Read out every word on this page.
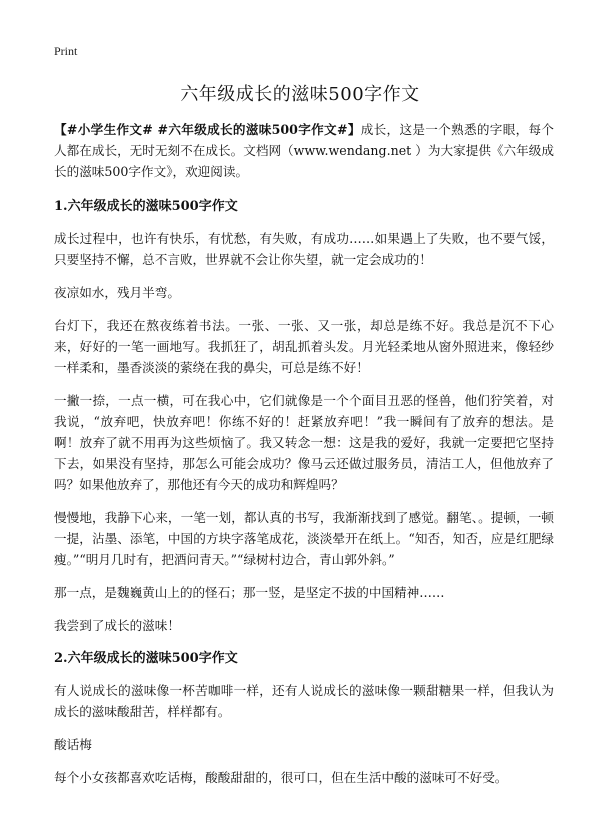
Print
六年级成长的滋味500字作文

【#小学生作文# #六年级成长的滋味500字作文#】成长，这是一个熟悉的字眼，每个人都在成长，无时无刻不在成长。文档网（www.wendang.net ）为大家提供《六年级成长的滋味500字作文》，欢迎阅读。

1.六年级成长的滋味500字作文

成长过程中，也许有快乐，有忧愁，有失败，有成功……如果遇上了失败，也不要气馁，只要坚持不懈，总不言败，世界就不会让你失望，就一定会成功的！

夜凉如水，残月半弯。

台灯下，我还在熬夜练着书法。一张、一张、又一张，却总是练不好。我总是沉不下心来，好好的一笔一画地写。我抓狂了，胡乱抓着头发。月光轻柔地从窗外照进来，像轻纱一样柔和，墨香淡淡的萦绕在我的鼻尖，可总是练不好！

一撇一捺，一点一横，可在我心中，它们就像是一个个面目丑恶的怪兽，他们狞笑着，对我说，“放弃吧，快放弃吧！你练不好的！赶紧放弃吧！”我一瞬间有了放弃的想法。是啊！放弃了就不用再为这些烦恼了。我又转念一想：这是我的爱好，我就一定要把它坚持下去，如果没有坚持，那怎么可能会成功？像马云还做过服务员，清洁工人，但他放弃了吗？如果他放弃了，那他还有今天的成功和辉煌吗？

慢慢地，我静下心来，一笔一划，都认真的书写，我渐渐找到了感觉。翻笔、。提顿，一顿一提，沾墨、添笔，中国的方块字落笔成花，淡淡晕开在纸上。“知否，知否，应是红肥绿瘦。”“明月几时有，把酒问青天。”“绿树村边合，青山郭外斜。”

那一点，是魏巍黄山上的的怪石；那一竖，是坚定不拔的中国精神……

我尝到了成长的滋味！

2.六年级成长的滋味500字作文

有人说成长的滋味像一杯苦咖啡一样，还有人说成长的滋味像一颗甜糖果一样，但我认为成长的滋味酸甜苦，样样都有。

酸话梅

每个小女孩都喜欢吃话梅，酸酸甜甜的，很可口，但在生活中酸的滋味可不好受。
